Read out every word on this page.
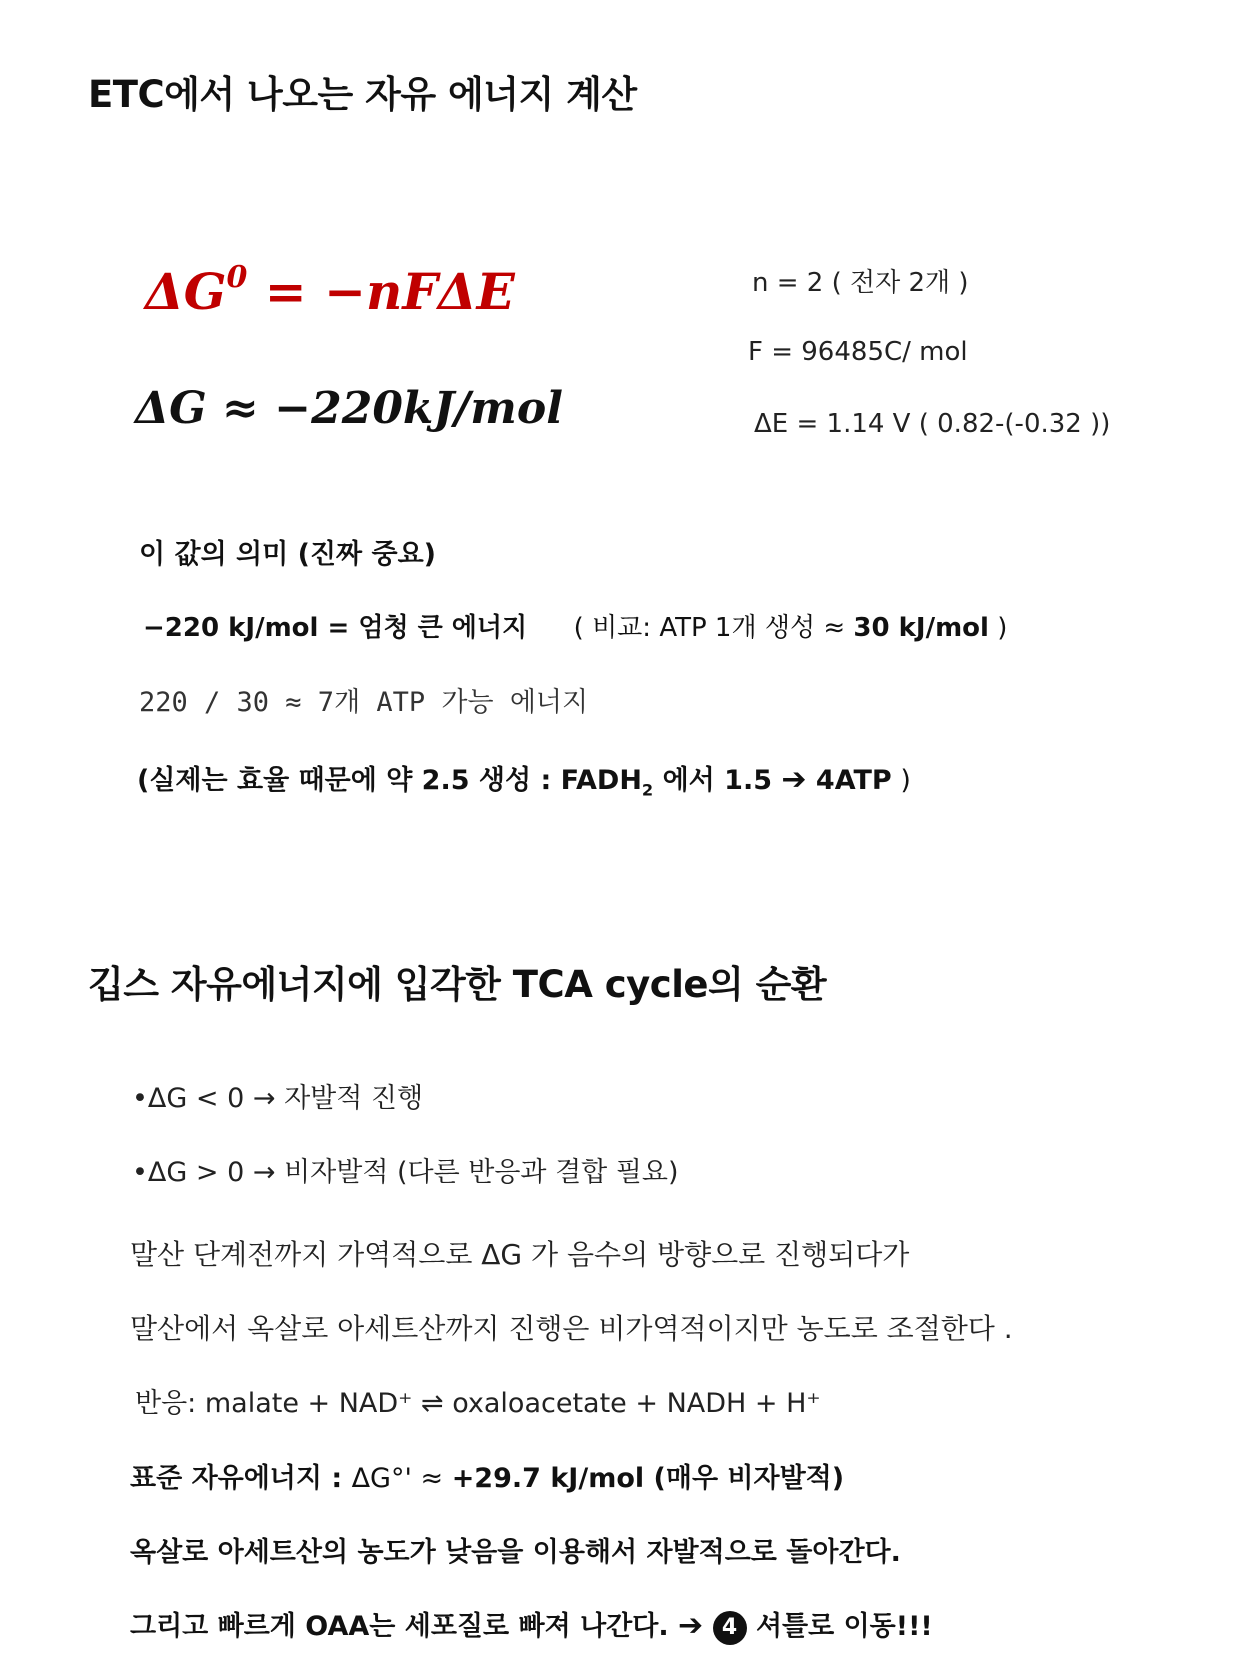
ETC에서 나오는 자유 에너지 계산
$\Delta G^0 = -nF\Delta E$
ΔG ≈ −220kJ/mol
n = 2 ( 전자 2개 )
F = 96485C/ mol
ΔE = 1.14 V ( 0.82-(-0.32 ))
이 값의 의미 (진짜 중요)
−220 kJ/mol = 엄청 큰 에너지 ( 비교: ATP 1개 생성 ≈ 30 kJ/mol )
220 / 30 ≈ 7개 ATP 가능 에너지
(실제는 효율 때문에 약 2.5 생성 : $FADH_2$ 에서 1.5 ➔ 4ATP )
깁스 자유에너지에 입각한 TCA cycle의 순환
•ΔG < 0 → 자발적 진행
•ΔG > 0 → 비자발적 (다른 반응과 결합 필요)
말산 단계전까지 가역적으로 ΔG 가 음수의 방향으로 진행되다가
말산에서 옥살로 아세트산까지 진행은 비가역적이지만 농도로 조절한다 .
반응: malate + NAD⁺ ⇌ oxaloacetate + NADH + H⁺
표준 자유에너지 : ΔG°' ≈ +29.7 kJ/mol (매우 비자발적)
옥살로 아세트산의 농도가 낮음을 이용해서 자발적으로 돌아간다.
그리고 빠르게 OAA는 세포질로 빠져 나간다. ➔ 4 셔틀로 이동!!!
